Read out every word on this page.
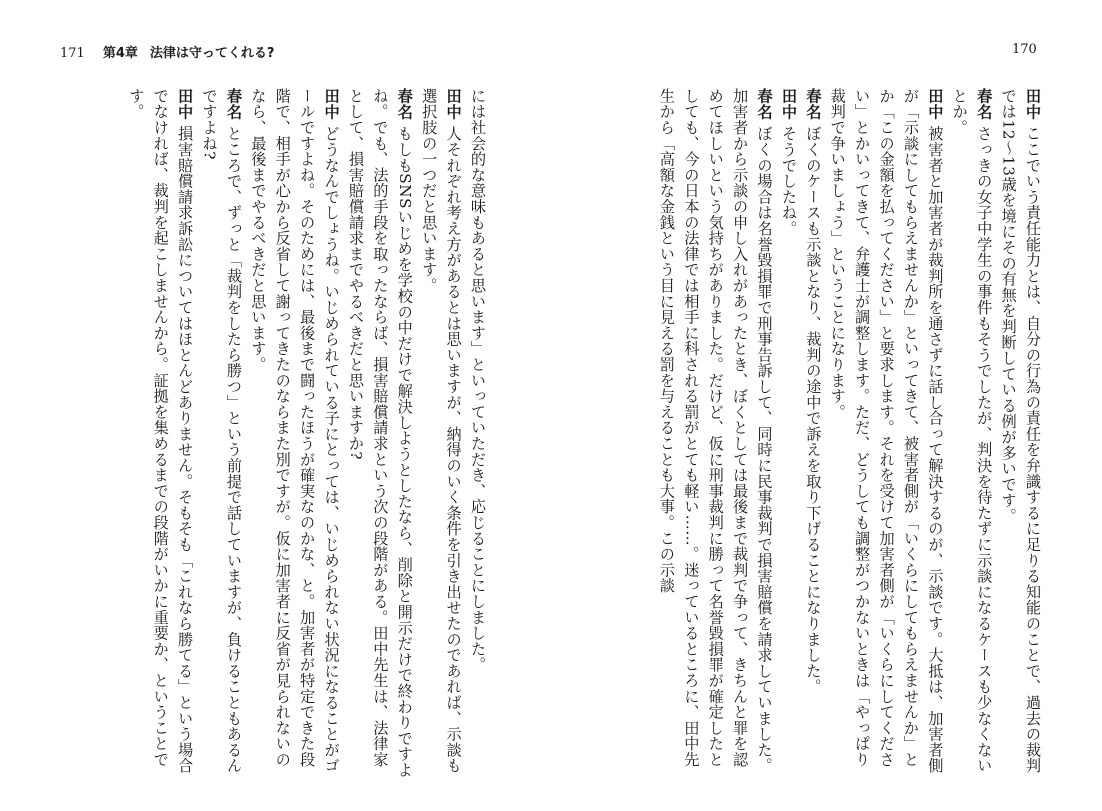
171 第4章 法律は守ってくれる?	170

田中 ここでいう責任能力とは、自分の行為の責任を弁識するに足りる知能のことで、過去の裁判では12〜13歳を境にその有無を判断している例が多いです。

春名 さっきの女子中学生の事件もそうでしたが、判決を待たずに示談になるケースも少なくないとか。

田中 被害者と加害者が裁判所を通さずに話し合って解決するのが、示談です。大抵は、加害者側が「示談にしてもらえませんか」といってきて、被害者側が「いくらにしてもらえませんか」とか「この金額を払ってください」と要求します。それを受けて加害者側が「いくらにしてください」とかいってきて、弁護士が調整します。ただ、どうしても調整がつかないときは「やっぱり裁判で争いましょう」ということになります。

春名 ぼくのケースも示談となり、裁判の途中で訴えを取り下げることになりました。

田中 そうでしたね。

春名 ぼくの場合は名誉毀損罪で刑事告訴して、同時に民事裁判で損害賠償を請求していました。加害者から示談の申し入れがあったとき、ぼくとしては最後まで裁判で争って、きちんと罪を認めてほしいという気持ちがありました。だけど、仮に刑事裁判に勝って名誉毀損罪が確定したとしても、今の日本の法律では相手に科される罰がとても軽い……。迷っているところに、田中先生から「高額な金銭という目に見える罰を与えることも大事。この示談

には社会的な意味もあると思います」といっていただき、応じることにしました。

田中 人それぞれ考え方があるとは思いますが、納得のいく条件を引き出せたのであれば、示談も選択肢の一つだと思います。

春名 もしもSNSいじめを学校の中だけで解決しようとしたなら、削除と開示だけで終わりですよね。でも、法的手段を取ったならば、損害賠償請求という次の段階がある。田中先生は、法律家として、損害賠償請求までやるべきだと思いますか?

田中 どうなんでしょうね。いじめられている子にとっては、いじめられない状況になることがゴールですよね。そのためには、最後まで闘ったほうが確実なのかな、と。加害者が特定できた段階で、相手が心から反省して謝ってきたのならまた別ですが。仮に加害者に反省が見られないのなら、最後までやるべきだと思います。

春名 ところで、ずっと「裁判をしたら勝つ」という前提で話していますが、負けることもあるんですよね?

田中 損害賠償請求訴訟についてはほとんどありません。そもそも「これなら勝てる」という場合でなければ、裁判を起こしませんから。証拠を集めるまでの段階がいかに重要か、ということです。
